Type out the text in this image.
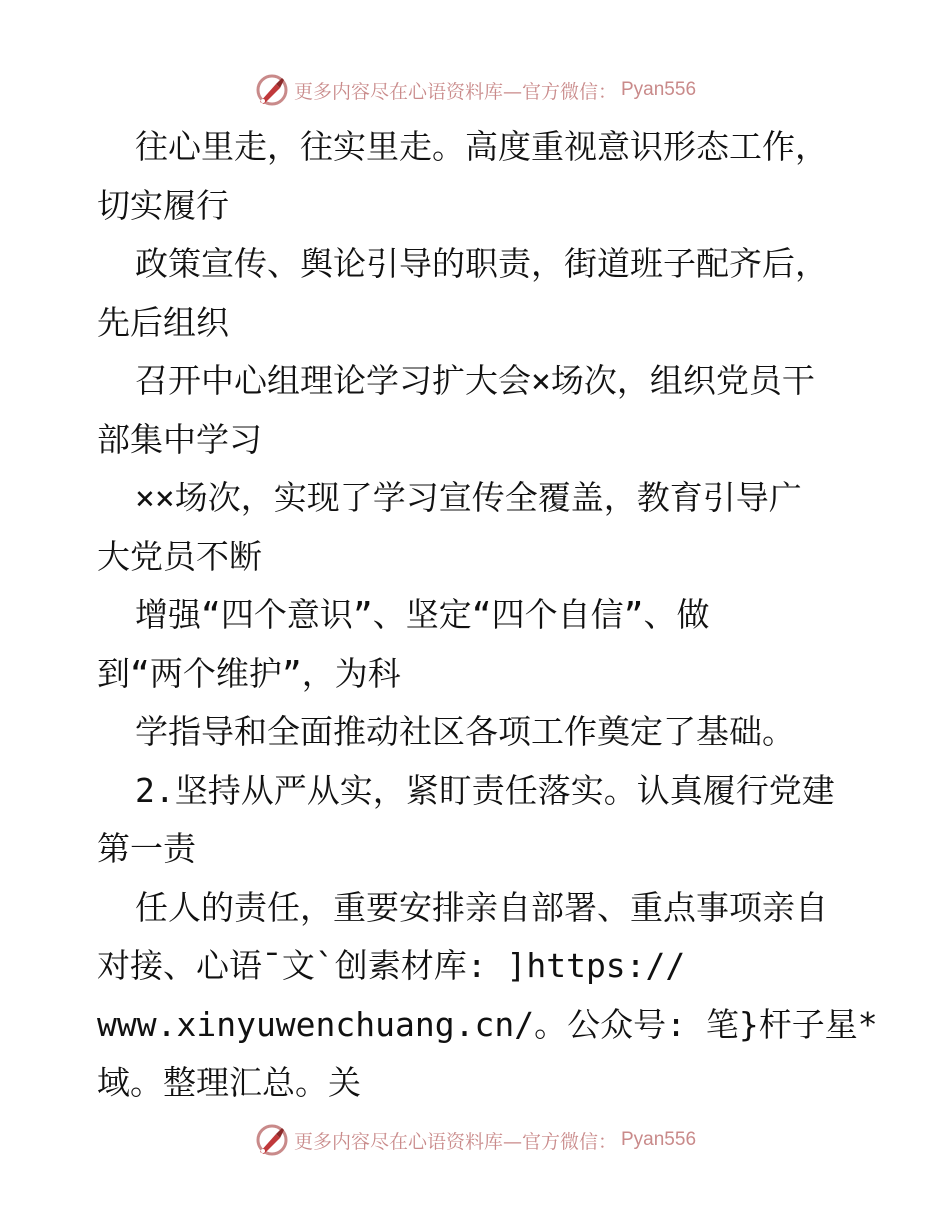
更多内容尽在心语资料库—官方微信： Pyan556
往心里走，往实里走。高度重视意识形态工作，
切实履行
政策宣传、舆论引导的职责，街道班子配齐后，
先后组织
召开中心组理论学习扩大会×场次，组织党员干
部集中学习
××场次，实现了学习宣传全覆盖，教育引导广
大党员不断
增强“四个意识”、坚定“四个自信”、做
到“两个维护”，为科
学指导和全面推动社区各项工作奠定了基础。
2.坚持从严从实，紧盯责任落实。认真履行党建
第一责
任人的责任，重要安排亲自部署、重点事项亲自
对接、心语¯文`创素材库: ]https://
www.xinyuwenchuang.cn/。公众号: 笔}杆子星*
域。整理汇总。关
更多内容尽在心语资料库—官方微信： Pyan556
